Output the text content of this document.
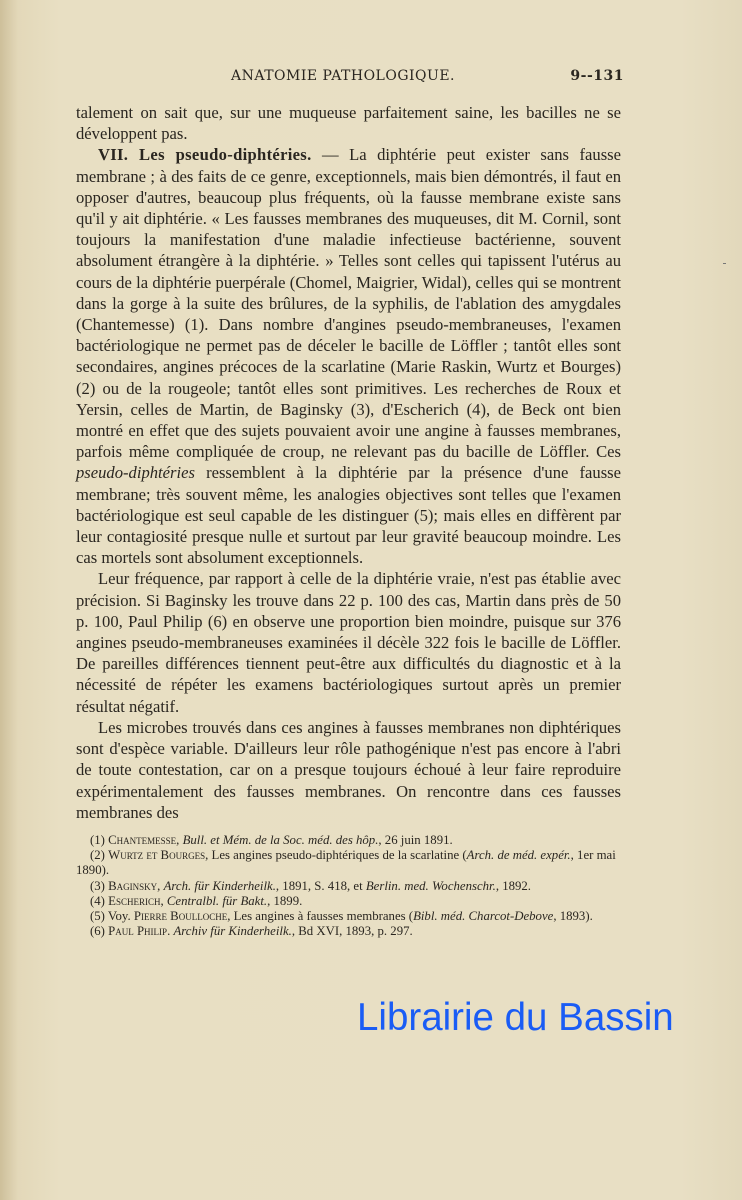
ANATOMIE PATHOLOGIQUE.	9--131

talement on sait que, sur une muqueuse parfaitement saine, les bacilles ne se développent pas.

VII. Les pseudo-diphtéries. — La diphtérie peut exister sans fausse membrane ; à des faits de ce genre, exceptionnels, mais bien démontrés, il faut en opposer d'autres, beaucoup plus fréquents, où la fausse membrane existe sans qu'il y ait diphtérie. « Les fausses membranes des muqueuses, dit M. Cornil, sont toujours la manifestation d'une maladie infectieuse bactérienne, souvent absolument étrangère à la diphtérie. » Telles sont celles qui tapissent l'utérus au cours de la diphtérie puerpérale (Chomel, Maigrier, Widal), celles qui se montrent dans la gorge à la suite des brûlures, de la syphilis, de l'ablation des amygdales (Chantemesse) (1). Dans nombre d'angines pseudo-membraneuses, l'examen bactériologique ne permet pas de déceler le bacille de Löffler ; tantôt elles sont secondaires, angines précoces de la scarlatine (Marie Raskin, Wurtz et Bourges) (2) ou de la rougeole; tantôt elles sont primitives. Les recherches de Roux et Yersin, celles de Martin, de Baginsky (3), d'Escherich (4), de Beck ont bien montré en effet que des sujets pouvaient avoir une angine à fausses membranes, parfois même compliquée de croup, ne relevant pas du bacille de Löffler. Ces pseudo-diphtéries ressemblent à la diphtérie par la présence d'une fausse membrane; très souvent même, les analogies objectives sont telles que l'examen bactériologique est seul capable de les distinguer (5); mais elles en diffèrent par leur contagiosité presque nulle et surtout par leur gravité beaucoup moindre. Les cas mortels sont absolument exceptionnels.

Leur fréquence, par rapport à celle de la diphtérie vraie, n'est pas établie avec précision. Si Baginsky les trouve dans 22 p. 100 des cas, Martin dans près de 50 p. 100, Paul Philip (6) en observe une proportion bien moindre, puisque sur 376 angines pseudo-membraneuses examinées il décèle 322 fois le bacille de Löffler. De pareilles différences tiennent peut-être aux difficultés du diagnostic et à la nécessité de répéter les examens bactériologiques surtout après un premier résultat négatif.

Les microbes trouvés dans ces angines à fausses membranes non diphtériques sont d'espèce variable. D'ailleurs leur rôle pathogénique n'est pas encore à l'abri de toute contestation, car on a presque toujours échoué à leur faire reproduire expérimentalement des fausses membranes. On rencontre dans ces fausses membranes des

(1) Chantemesse, Bull. et Mém. de la Soc. méd. des hôp., 26 juin 1891.

(2) Wurtz et Bourges, Les angines pseudo-diphtériques de la scarlatine (Arch. de méd. expér., 1er mai 1890).

(3) Baginsky, Arch. für Kinderheilk., 1891, S. 418, et Berlin. med. Wochenschr., 1892.

(4) Escherich, Centralbl. für Bakt., 1899.

(5) Voy. Pierre Boulloche, Les angines à fausses membranes (Bibl. méd. Charcot-Debove, 1893).

(6) Paul Philip. Archiv für Kinderheilk., Bd XVI, 1893, p. 297.

Librairie du Bassin
